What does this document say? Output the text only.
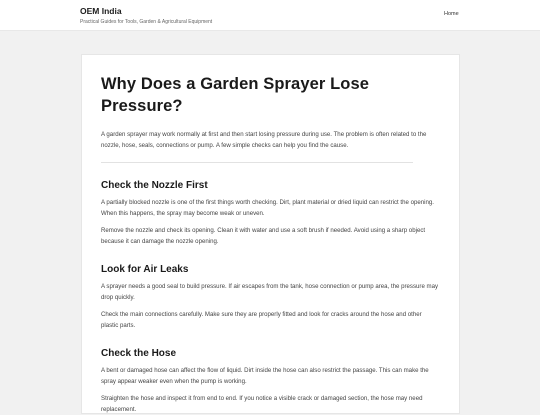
OEM India
Practical Guides for Tools, Garden & Agricultural Equipment
Home
Why Does a Garden Sprayer Lose Pressure?

A garden sprayer may work normally at first and then start losing pressure during use. The problem is often related to the nozzle, hose, seals, connections or pump. A few simple checks can help you find the cause.

Check the Nozzle First

A partially blocked nozzle is one of the first things worth checking. Dirt, plant material or dried liquid can restrict the opening. When this happens, the spray may become weak or uneven.

Remove the nozzle and check its opening. Clean it with water and use a soft brush if needed. Avoid using a sharp object because it can damage the nozzle opening.

Look for Air Leaks

A sprayer needs a good seal to build pressure. If air escapes from the tank, hose connection or pump area, the pressure may drop quickly.

Check the main connections carefully. Make sure they are properly fitted and look for cracks around the hose and other plastic parts.

Check the Hose

A bent or damaged hose can affect the flow of liquid. Dirt inside the hose can also restrict the passage. This can make the spray appear weaker even when the pump is working.

Straighten the hose and inspect it from end to end. If you notice a visible crack or damaged section, the hose may need replacement.
